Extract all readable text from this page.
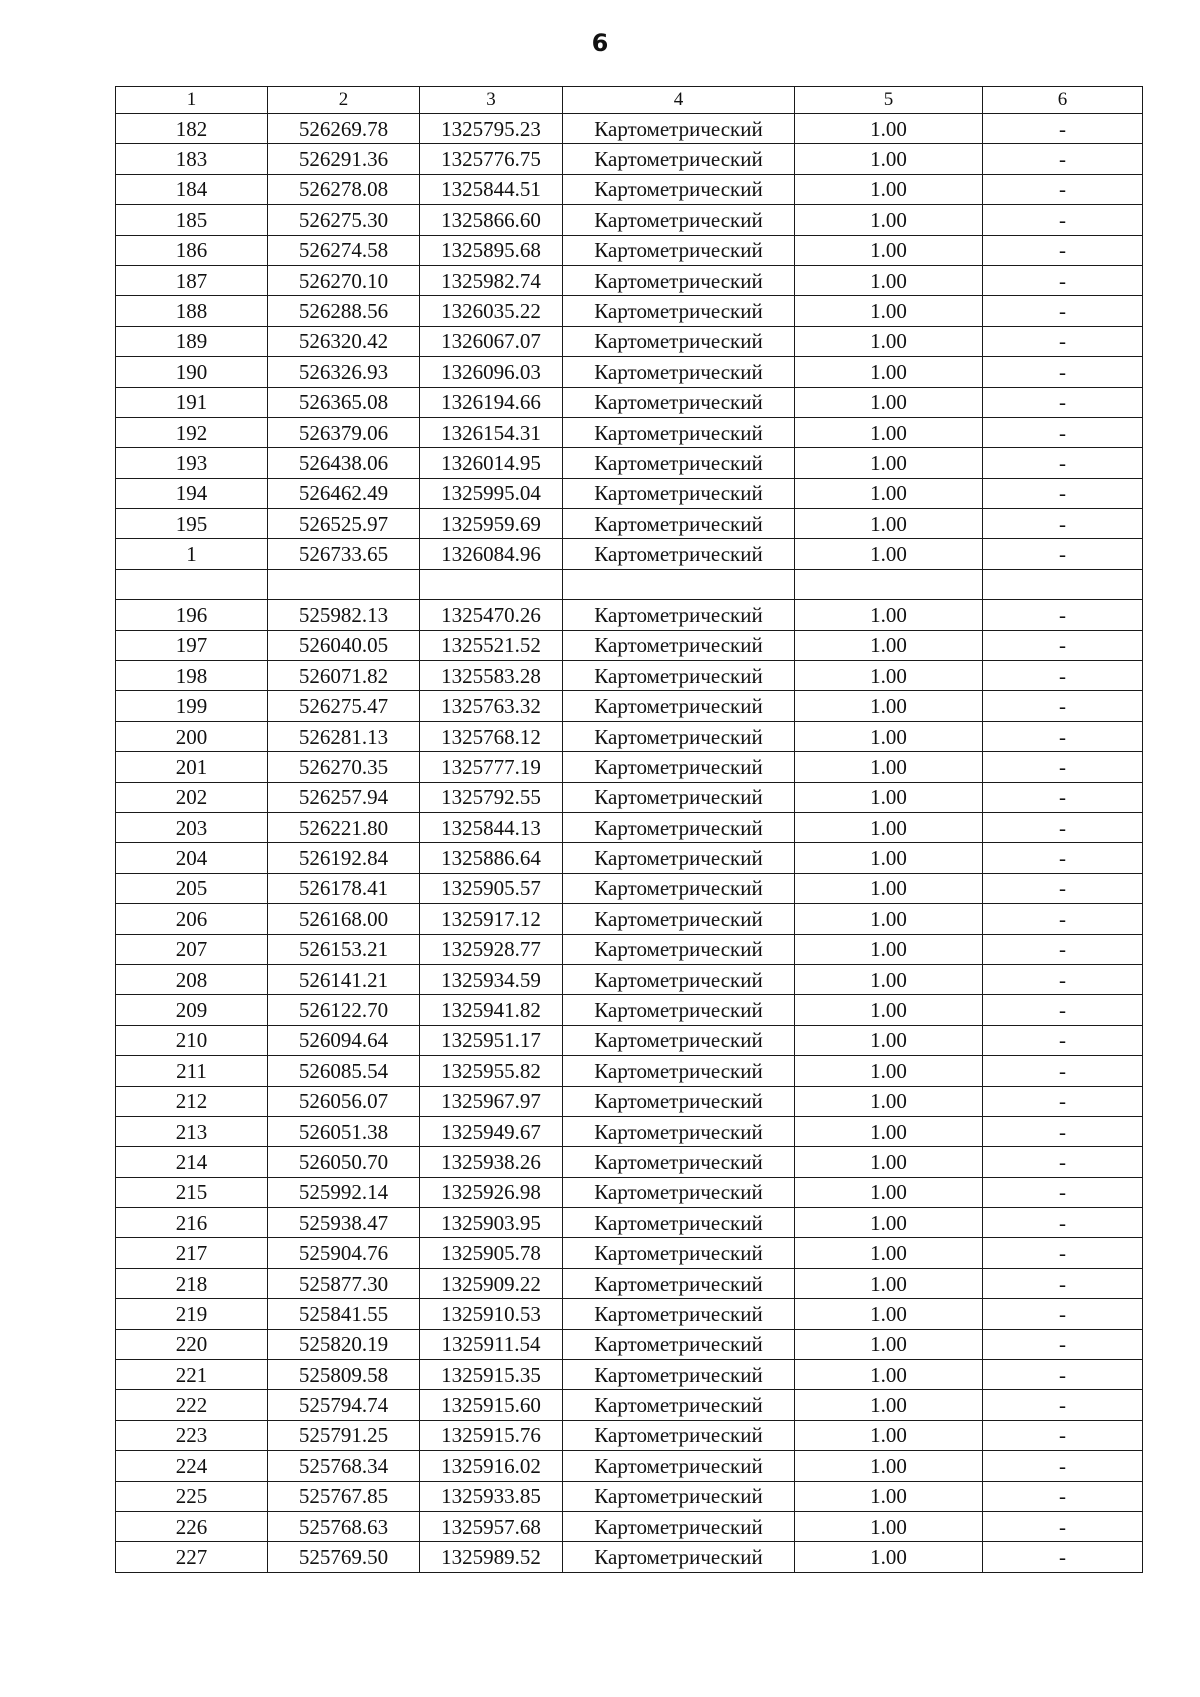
6
1	2	3	4	5	6
182	526269.78	1325795.23	Картометрический	1.00	-
183	526291.36	1325776.75	Картометрический	1.00	-
184	526278.08	1325844.51	Картометрический	1.00	-
185	526275.30	1325866.60	Картометрический	1.00	-
186	526274.58	1325895.68	Картометрический	1.00	-
187	526270.10	1325982.74	Картометрический	1.00	-
188	526288.56	1326035.22	Картометрический	1.00	-
189	526320.42	1326067.07	Картометрический	1.00	-
190	526326.93	1326096.03	Картометрический	1.00	-
191	526365.08	1326194.66	Картометрический	1.00	-
192	526379.06	1326154.31	Картометрический	1.00	-
193	526438.06	1326014.95	Картометрический	1.00	-
194	526462.49	1325995.04	Картометрический	1.00	-
195	526525.97	1325959.69	Картометрический	1.00	-
1	526733.65	1326084.96	Картометрический	1.00	-

196	525982.13	1325470.26	Картометрический	1.00	-
197	526040.05	1325521.52	Картометрический	1.00	-
198	526071.82	1325583.28	Картометрический	1.00	-
199	526275.47	1325763.32	Картометрический	1.00	-
200	526281.13	1325768.12	Картометрический	1.00	-
201	526270.35	1325777.19	Картометрический	1.00	-
202	526257.94	1325792.55	Картометрический	1.00	-
203	526221.80	1325844.13	Картометрический	1.00	-
204	526192.84	1325886.64	Картометрический	1.00	-
205	526178.41	1325905.57	Картометрический	1.00	-
206	526168.00	1325917.12	Картометрический	1.00	-
207	526153.21	1325928.77	Картометрический	1.00	-
208	526141.21	1325934.59	Картометрический	1.00	-
209	526122.70	1325941.82	Картометрический	1.00	-
210	526094.64	1325951.17	Картометрический	1.00	-
211	526085.54	1325955.82	Картометрический	1.00	-
212	526056.07	1325967.97	Картометрический	1.00	-
213	526051.38	1325949.67	Картометрический	1.00	-
214	526050.70	1325938.26	Картометрический	1.00	-
215	525992.14	1325926.98	Картометрический	1.00	-
216	525938.47	1325903.95	Картометрический	1.00	-
217	525904.76	1325905.78	Картометрический	1.00	-
218	525877.30	1325909.22	Картометрический	1.00	-
219	525841.55	1325910.53	Картометрический	1.00	-
220	525820.19	1325911.54	Картометрический	1.00	-
221	525809.58	1325915.35	Картометрический	1.00	-
222	525794.74	1325915.60	Картометрический	1.00	-
223	525791.25	1325915.76	Картометрический	1.00	-
224	525768.34	1325916.02	Картометрический	1.00	-
225	525767.85	1325933.85	Картометрический	1.00	-
226	525768.63	1325957.68	Картометрический	1.00	-
227	525769.50	1325989.52	Картометрический	1.00	-
